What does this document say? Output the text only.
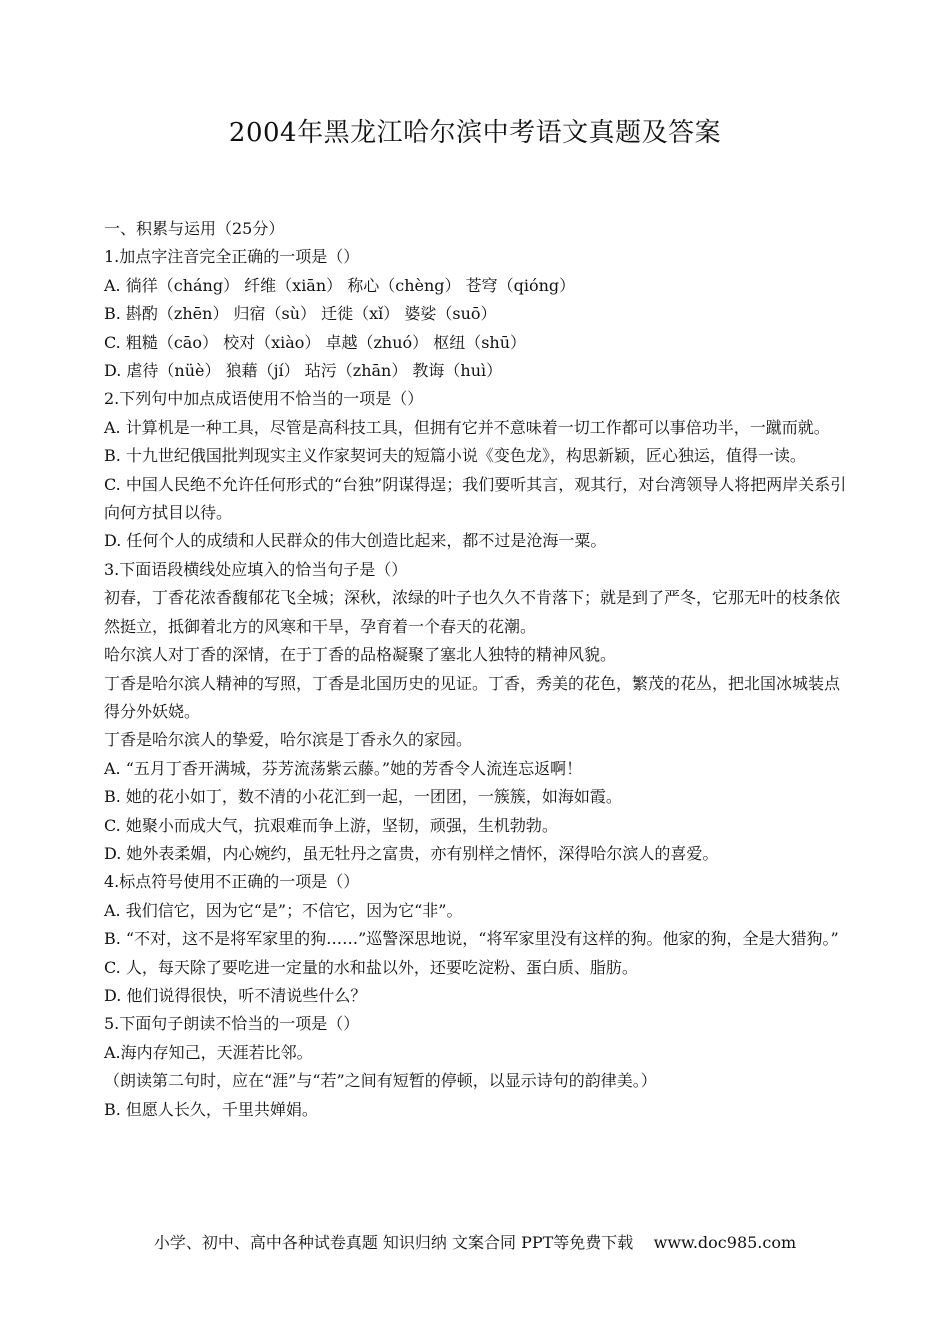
2004年黑龙江哈尔滨中考语文真题及答案

一、积累与运用（25分）

1.加点字注音完全正确的一项是（）

A. 徜徉（cháng） 纤维（xiān） 称心（chèng） 苍穹（qióng）

B. 斟酌（zhēn） 归宿（sù） 迁徙（xǐ） 婆娑（suō）

C. 粗糙（cāo） 校对（xiào） 卓越（zhuó） 枢纽（shū）

D. 虐待（nüè） 狼藉（jí） 玷污（zhān） 教诲（huì）

2.下列句中加点成语使用不恰当的一项是（）

A. 计算机是一种工具，尽管是高科技工具，但拥有它并不意味着一切工作都可以事倍功半，一蹴而就。

B. 十九世纪俄国批判现实主义作家契诃夫的短篇小说《变色龙》，构思新颖，匠心独运，值得一读。

C. 中国人民绝不允许任何形式的“台独”阴谋得逞；我们要听其言，观其行，对台湾领导人将把两岸关系引向何方拭目以待。

D. 任何个人的成绩和人民群众的伟大创造比起来，都不过是沧海一粟。

3.下面语段横线处应填入的恰当句子是（）

初春，丁香花浓香馥郁花飞全城；深秋，浓绿的叶子也久久不肯落下；就是到了严冬，它那无叶的枝条依然挺立，抵御着北方的风寒和干旱，孕育着一个春天的花潮。

哈尔滨人对丁香的深情，在于丁香的品格凝聚了塞北人独特的精神风貌。

丁香是哈尔滨人精神的写照，丁香是北国历史的见证。丁香，秀美的花色，繁茂的花丛，把北国冰城装点得分外妖娆。

丁香是哈尔滨人的挚爱，哈尔滨是丁香永久的家园。

A. “五月丁香开满城，芬芳流荡紫云藤。”她的芳香令人流连忘返啊！

B. 她的花小如丁，数不清的小花汇到一起，一团团，一簇簇，如海如霞。

C. 她聚小而成大气，抗艰难而争上游，坚韧，顽强，生机勃勃。

D. 她外表柔媚，内心婉约，虽无牡丹之富贵，亦有别样之情怀，深得哈尔滨人的喜爱。

4.标点符号使用不正确的一项是（）

A. 我们信它，因为它“是”；不信它，因为它“非”。

B. “不对，这不是将军家里的狗……”巡警深思地说，“将军家里没有这样的狗。他家的狗，全是大猎狗。”

C. 人，每天除了要吃进一定量的水和盐以外，还要吃淀粉、蛋白质、脂肪。

D. 他们说得很快，听不清说些什么？

5.下面句子朗读不恰当的一项是（）

A.海内存知己，天涯若比邻。

（朗读第二句时，应在“涯”与“若”之间有短暂的停顿，以显示诗句的韵律美。）

B. 但愿人长久，千里共婵娟。

小学、初中、高中各种试卷真题 知识归纳 文案合同 PPT等免费下载 www.doc985.com
